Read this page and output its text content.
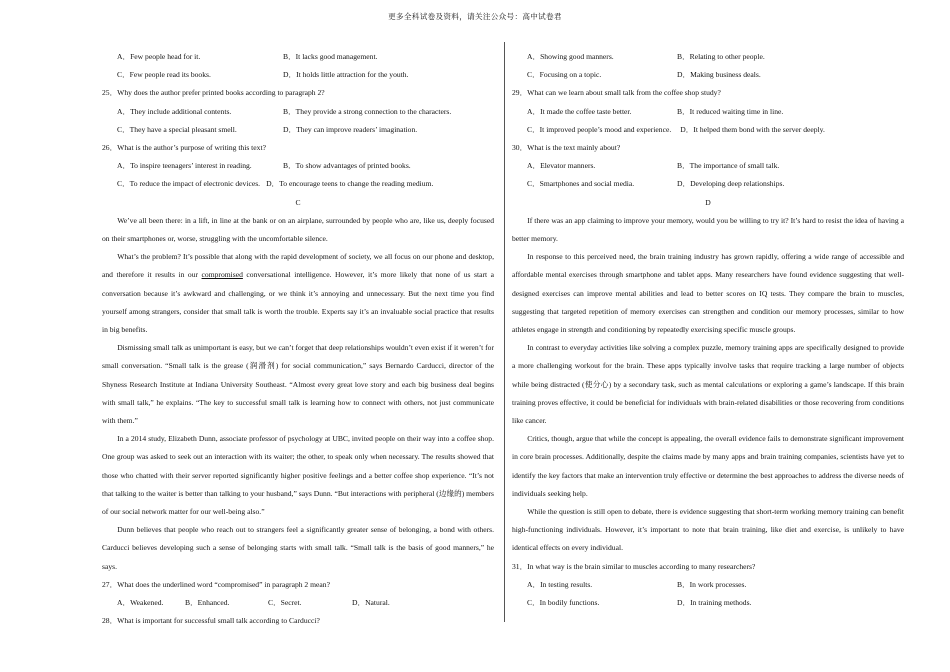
更多全科试卷及资料，请关注公众号：高中试卷君
A．Few people head for it.	B．It lacks good management.
C．Few people read its books.	D．It holds little attraction for the youth.
25．Why does the author prefer printed books according to paragraph 2?
A．They include additional contents.	B．They provide a strong connection to the characters.
C．They have a special pleasant smell.	D．They can improve readers’ imagination.
26．What is the author’s purpose of writing this text?
A．To inspire teenagers’ interest in reading.	B．To show advantages of printed books.
C．To reduce the impact of electronic devices. D．To encourage teens to change the reading medium.
C
We’ve all been there: in a lift, in line at the bank or on an airplane, surrounded by people who are, like us, deeply focused on their smartphones or, worse, struggling with the uncomfortable silence.
What’s the problem? It’s possible that along with the rapid development of society, we all focus on our phone and desktop, and therefore it results in our compromised conversational intelligence. However, it’s more likely that none of us start a conversation because it’s awkward and challenging, or we think it’s annoying and unnecessary. But the next time you find yourself among strangers, consider that small talk is worth the trouble. Experts say it’s an invaluable social practice that results in big benefits.
Dismissing small talk as unimportant is easy, but we can’t forget that deep relationships wouldn’t even exist if it weren’t for small conversation. “Small talk is the grease (润滑剂) for social communication,” says Bernardo Carducci, director of the Shyness Research Institute at Indiana University Southeast. “Almost every great love story and each big business deal begins with small talk,” he explains. “The key to successful small talk is learning how to connect with others, not just communicate with them.”
In a 2014 study, Elizabeth Dunn, associate professor of psychology at UBC, invited people on their way into a coffee shop. One group was asked to seek out an interaction with its waiter; the other, to speak only when necessary. The results showed that those who chatted with their server reported significantly higher positive feelings and a better coffee shop experience. “It’s not that talking to the waiter is better than talking to your husband,” says Dunn. “But interactions with peripheral (边缘的) members of our social network matter for our well-being also.”
Dunn believes that people who reach out to strangers feel a significantly greater sense of belonging, a bond with others. Carducci believes developing such a sense of belonging starts with small talk. “Small talk is the basis of good manners,” he says.
27．What does the underlined word “compromised” in paragraph 2 mean?
A．Weakened.	B．Enhanced.	C．Secret.	D．Natural.
28．What is important for successful small talk according to Carducci?
A．Showing good manners.	B．Relating to other people.
C．Focusing on a topic.	D．Making business deals.
29．What can we learn about small talk from the coffee shop study?
A．It made the coffee taste better.	B．It reduced waiting time in line.
C．It improved people’s mood and experience. D．It helped them bond with the server deeply.
30．What is the text mainly about?
A．Elevator manners.	B．The importance of small talk.
C．Smartphones and social media.	D．Developing deep relationships.
D
If there was an app claiming to improve your memory, would you be willing to try it? It’s hard to resist the idea of having a better memory.
In response to this perceived need, the brain training industry has grown rapidly, offering a wide range of accessible and affordable mental exercises through smartphone and tablet apps. Many researchers have found evidence suggesting that well-designed exercises can improve mental abilities and lead to better scores on IQ tests. They compare the brain to muscles, suggesting that targeted repetition of memory exercises can strengthen and condition our memory processes, similar to how athletes engage in strength and conditioning by repeatedly exercising specific muscle groups.
In contrast to everyday activities like solving a complex puzzle, memory training apps are specifically designed to provide a more challenging workout for the brain. These apps typically involve tasks that require tracking a large number of objects while being distracted (使分心) by a secondary task, such as mental calculations or exploring a game’s landscape. If this brain training proves effective, it could be beneficial for individuals with brain-related disabilities or those recovering from conditions like cancer.
Critics, though, argue that while the concept is appealing, the overall evidence fails to demonstrate significant improvement in core brain processes. Additionally, despite the claims made by many apps and brain training companies, scientists have yet to identify the key factors that make an intervention truly effective or determine the best approaches to address the diverse needs of individuals seeking help.
While the question is still open to debate, there is evidence suggesting that short-term working memory training can benefit high-functioning individuals. However, it’s important to note that brain training, like diet and exercise, is unlikely to have identical effects on every individual.
31．In what way is the brain similar to muscles according to many researchers?
A．In testing results.	B．In work processes.
C．In bodily functions.	D．In training methods.
